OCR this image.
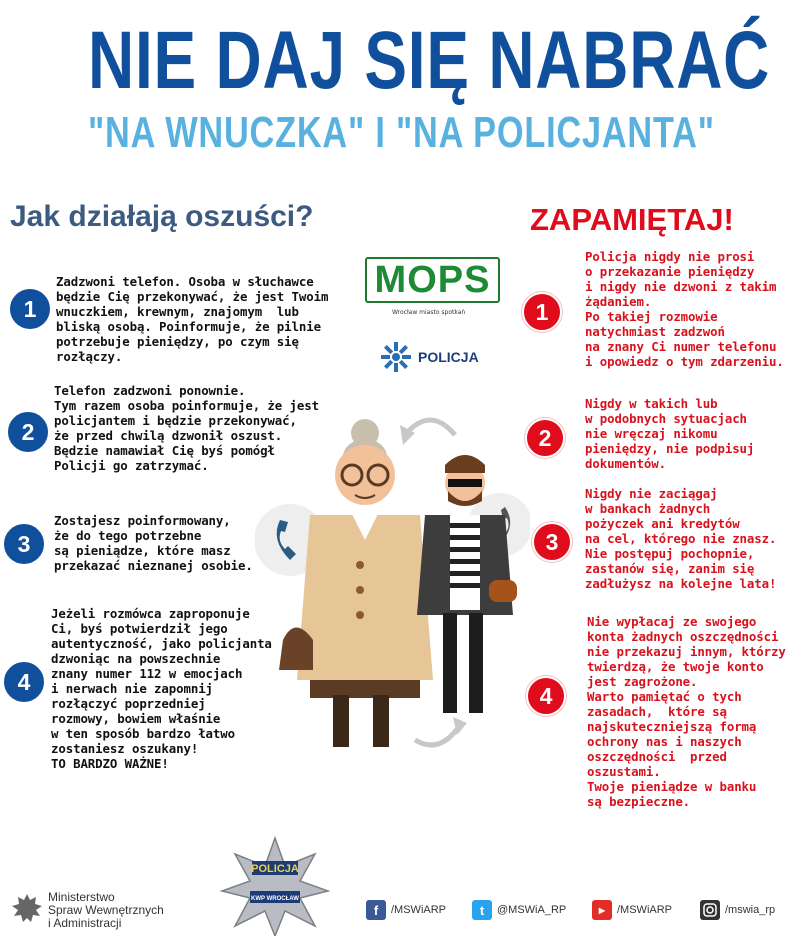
NIE DAJ SIĘ NABRAĆ
"NA WNUCZKA" I "NA POLICJANTA"
Jak działają oszuści?	ZAPAMIĘTAJ!
1
Zadzwoni telefon. Osoba w słuchawce
będzie Cię przekonywać, że jest Twoim
wnuczkiem, krewnym, znajomym  lub
bliską osobą. Poinformuje, że pilnie
potrzebuje pieniędzy, po czym się
rozłączy.
2
Telefon zadzwoni ponownie.
Tym razem osoba poinformuje, że jest
policjantem i będzie przekonywać,
że przed chwilą dzwonił oszust.
Będzie namawiał Cię byś pomógł
Policji go zatrzymać.
3
Zostajesz poinformowany,
że do tego potrzebne
są pieniądze, które masz
przekazać nieznanej osobie.
4
Jeżeli rozmówca zaproponuje
Ci, byś potwierdził jego
autentyczność, jako policjanta
dzwoniąc na powszechnie
znany numer 112 w emocjach
i nerwach nie zapomnij
rozłączyć poprzedniej
rozmowy, bowiem właśnie
w ten sposób bardzo łatwo
zostaniesz oszukany!
TO BARDZO WAŻNE!
1
Policja nigdy nie prosi
o przekazanie pieniędzy
i nigdy nie dzwoni z takim
żądaniem.
Po takiej rozmowie
natychmiast zadzwoń
na znany Ci numer telefonu
i opowiedz o tym zdarzeniu.
2
Nigdy w takich lub
w podobnych sytuacjach
nie wręczaj nikomu
pieniędzy, nie podpisuj
dokumentów.
3
Nigdy nie zaciągaj
w bankach żadnych
pożyczek ani kredytów
na cel, którego nie znasz.
Nie postępuj pochopnie,
zastanów się, zanim się
zadłużysz na kolejne lata!
4
Nie wypłacaj ze swojego
konta żadnych oszczędności
nie przekazuj innym, którzy
twierdzą, że twoje konto
jest zagrożone.
Warto pamiętać o tych
zasadach,  które są
najskuteczniejszą formą
ochrony nas i naszych
oszczędności  przed
oszustami.
Twoje pieniądze w banku
są bezpieczne.
MOPS
Wrocław miasto spotkań
POLICJA
POLICJA
KWP WROCŁAW
Ministerstwo
Spraw Wewnętrznych
i Administracji
f	/MSWiARP	t	@MSWiA_RP	▶	/MSWiARP	/mswia_rp
